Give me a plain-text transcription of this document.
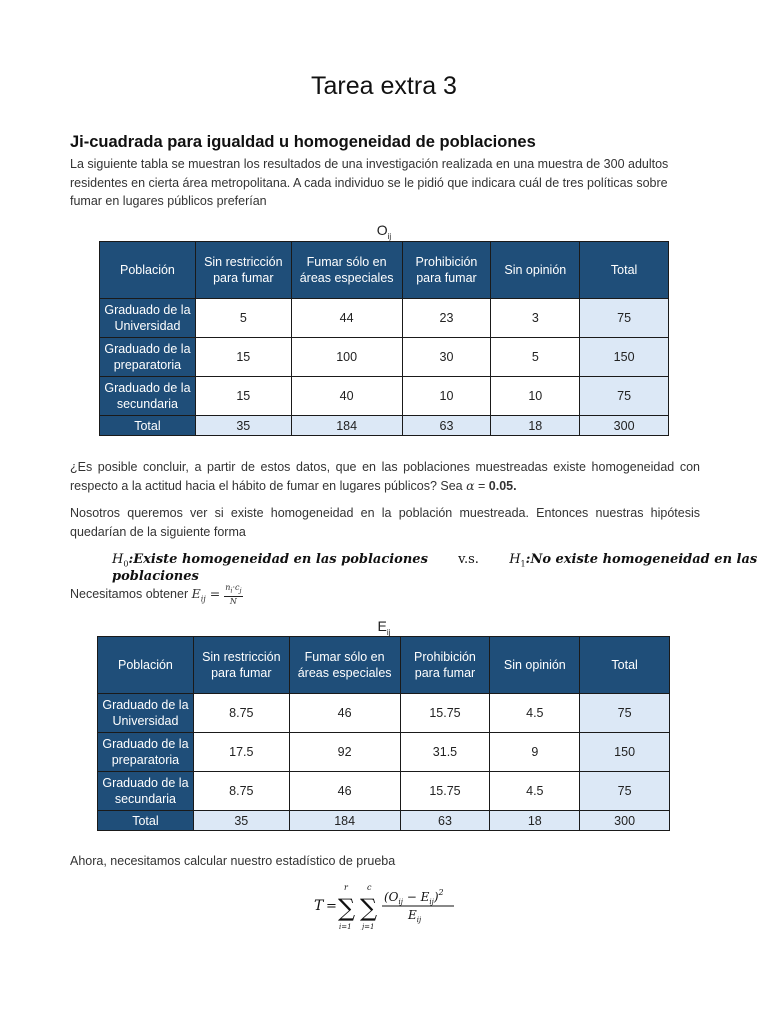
Tarea extra 3
Ji-cuadrada para igualdad u homogeneidad de poblaciones
La siguiente tabla se muestran los resultados de una investigación realizada en una muestra de 300 adultos residentes en cierta área metropolitana. A cada individuo se le pidió que indicara cuál de tres políticas sobre fumar en lugares públicos preferían
$O_{ij}$
Población	Sin restricción para fumar	Fumar sólo en áreas especiales	Prohibición para fumar	Sin opinión	Total
Graduado de la Universidad	5	44	23	3	75
Graduado de la preparatoria	15	100	30	5	150
Graduado de la secundaria	15	40	10	10	75
Total	35	184	63	18	300
¿Es posible concluir, a partir de estos datos, que en las poblaciones muestreadas existe homogeneidad con respecto a la actitud hacia el hábito de fumar en lugares públicos? Sea α = 0.05.
Nosotros queremos ver si existe homogeneidad en la población muestreada. Entonces nuestras hipótesis quedarían de la siguiente forma
$H_0:Existe$ homogeneidad en las poblaciones v.s. $H_1:No$ existe homogeneidad en las poblaciones
Necesitamos obtener $E_{ij} = \frac{n_i\cdot c_j}{N}$
$E_{ij}$
Población	Sin restricción para fumar	Fumar sólo en áreas especiales	Prohibición para fumar	Sin opinión	Total
Graduado de la Universidad	8.75	46	15.75	4.5	75
Graduado de la preparatoria	17.5	92	31.5	9	150
Graduado de la secundaria	8.75	46	15.75	4.5	75
Total	35	184	63	18	300
Ahora, necesitamos calcular nuestro estadístico de prueba
T = ∑
r
i=1
∑
c
j=1
$(O_{ij} - E_{ij})^2$
$E_{ij}$
